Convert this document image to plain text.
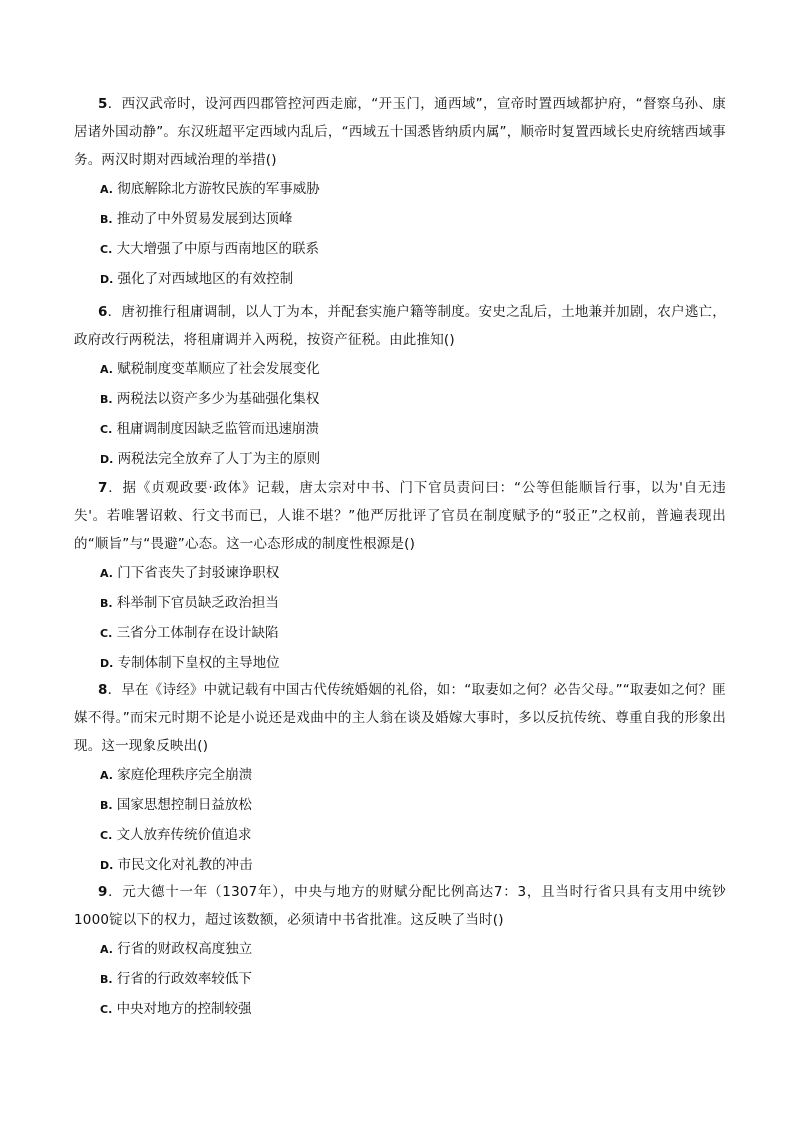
5．西汉武帝时，设河西四郡管控河西走廊，“开玉门，通西域”，宣帝时置西域都护府，“督察乌孙、康居诸外国动静”。东汉班超平定西域内乱后，“西域五十国悉皆纳质内属”，顺帝时复置西域长史府统辖西域事务。两汉时期对西域治理的举措()

A. 彻底解除北方游牧民族的军事威胁
B. 推动了中外贸易发展到达顶峰
C. 大大增强了中原与西南地区的联系
D. 强化了对西域地区的有效控制

6．唐初推行租庸调制，以人丁为本，并配套实施户籍等制度。安史之乱后，土地兼并加剧，农户逃亡，政府改行两税法，将租庸调并入两税，按资产征税。由此推知()

A. 赋税制度变革顺应了社会发展变化
B. 两税法以资产多少为基础强化集权
C. 租庸调制度因缺乏监管而迅速崩溃
D. 两税法完全放弃了人丁为主的原则

7．据《贞观政要·政体》记载，唐太宗对中书、门下官员责问曰：“公等但能顺旨行事，以为'自无违失'。若唯署诏敕、行文书而已，人谁不堪？”他严厉批评了官员在制度赋予的“驳正”之权前，普遍表现出的“顺旨”与“畏避”心态。这一心态形成的制度性根源是()

A. 门下省丧失了封驳谏诤职权
B. 科举制下官员缺乏政治担当
C. 三省分工体制存在设计缺陷
D. 专制体制下皇权的主导地位

8．早在《诗经》中就记载有中国古代传统婚姻的礼俗，如：“取妻如之何？必告父母。”“取妻如之何？匪媒不得。”而宋元时期不论是小说还是戏曲中的主人翁在谈及婚嫁大事时，多以反抗传统、尊重自我的形象出现。这一现象反映出()

A. 家庭伦理秩序完全崩溃
B. 国家思想控制日益放松
C. 文人放弃传统价值追求
D. 市民文化对礼教的冲击

9．元大德十一年（1307年），中央与地方的财赋分配比例高达7：3，且当时行省只具有支用中统钞1000锭以下的权力，超过该数额，必须请中书省批准。这反映了当时()

A. 行省的财政权高度独立
B. 行省的行政效率较低下
C. 中央对地方的控制较强
